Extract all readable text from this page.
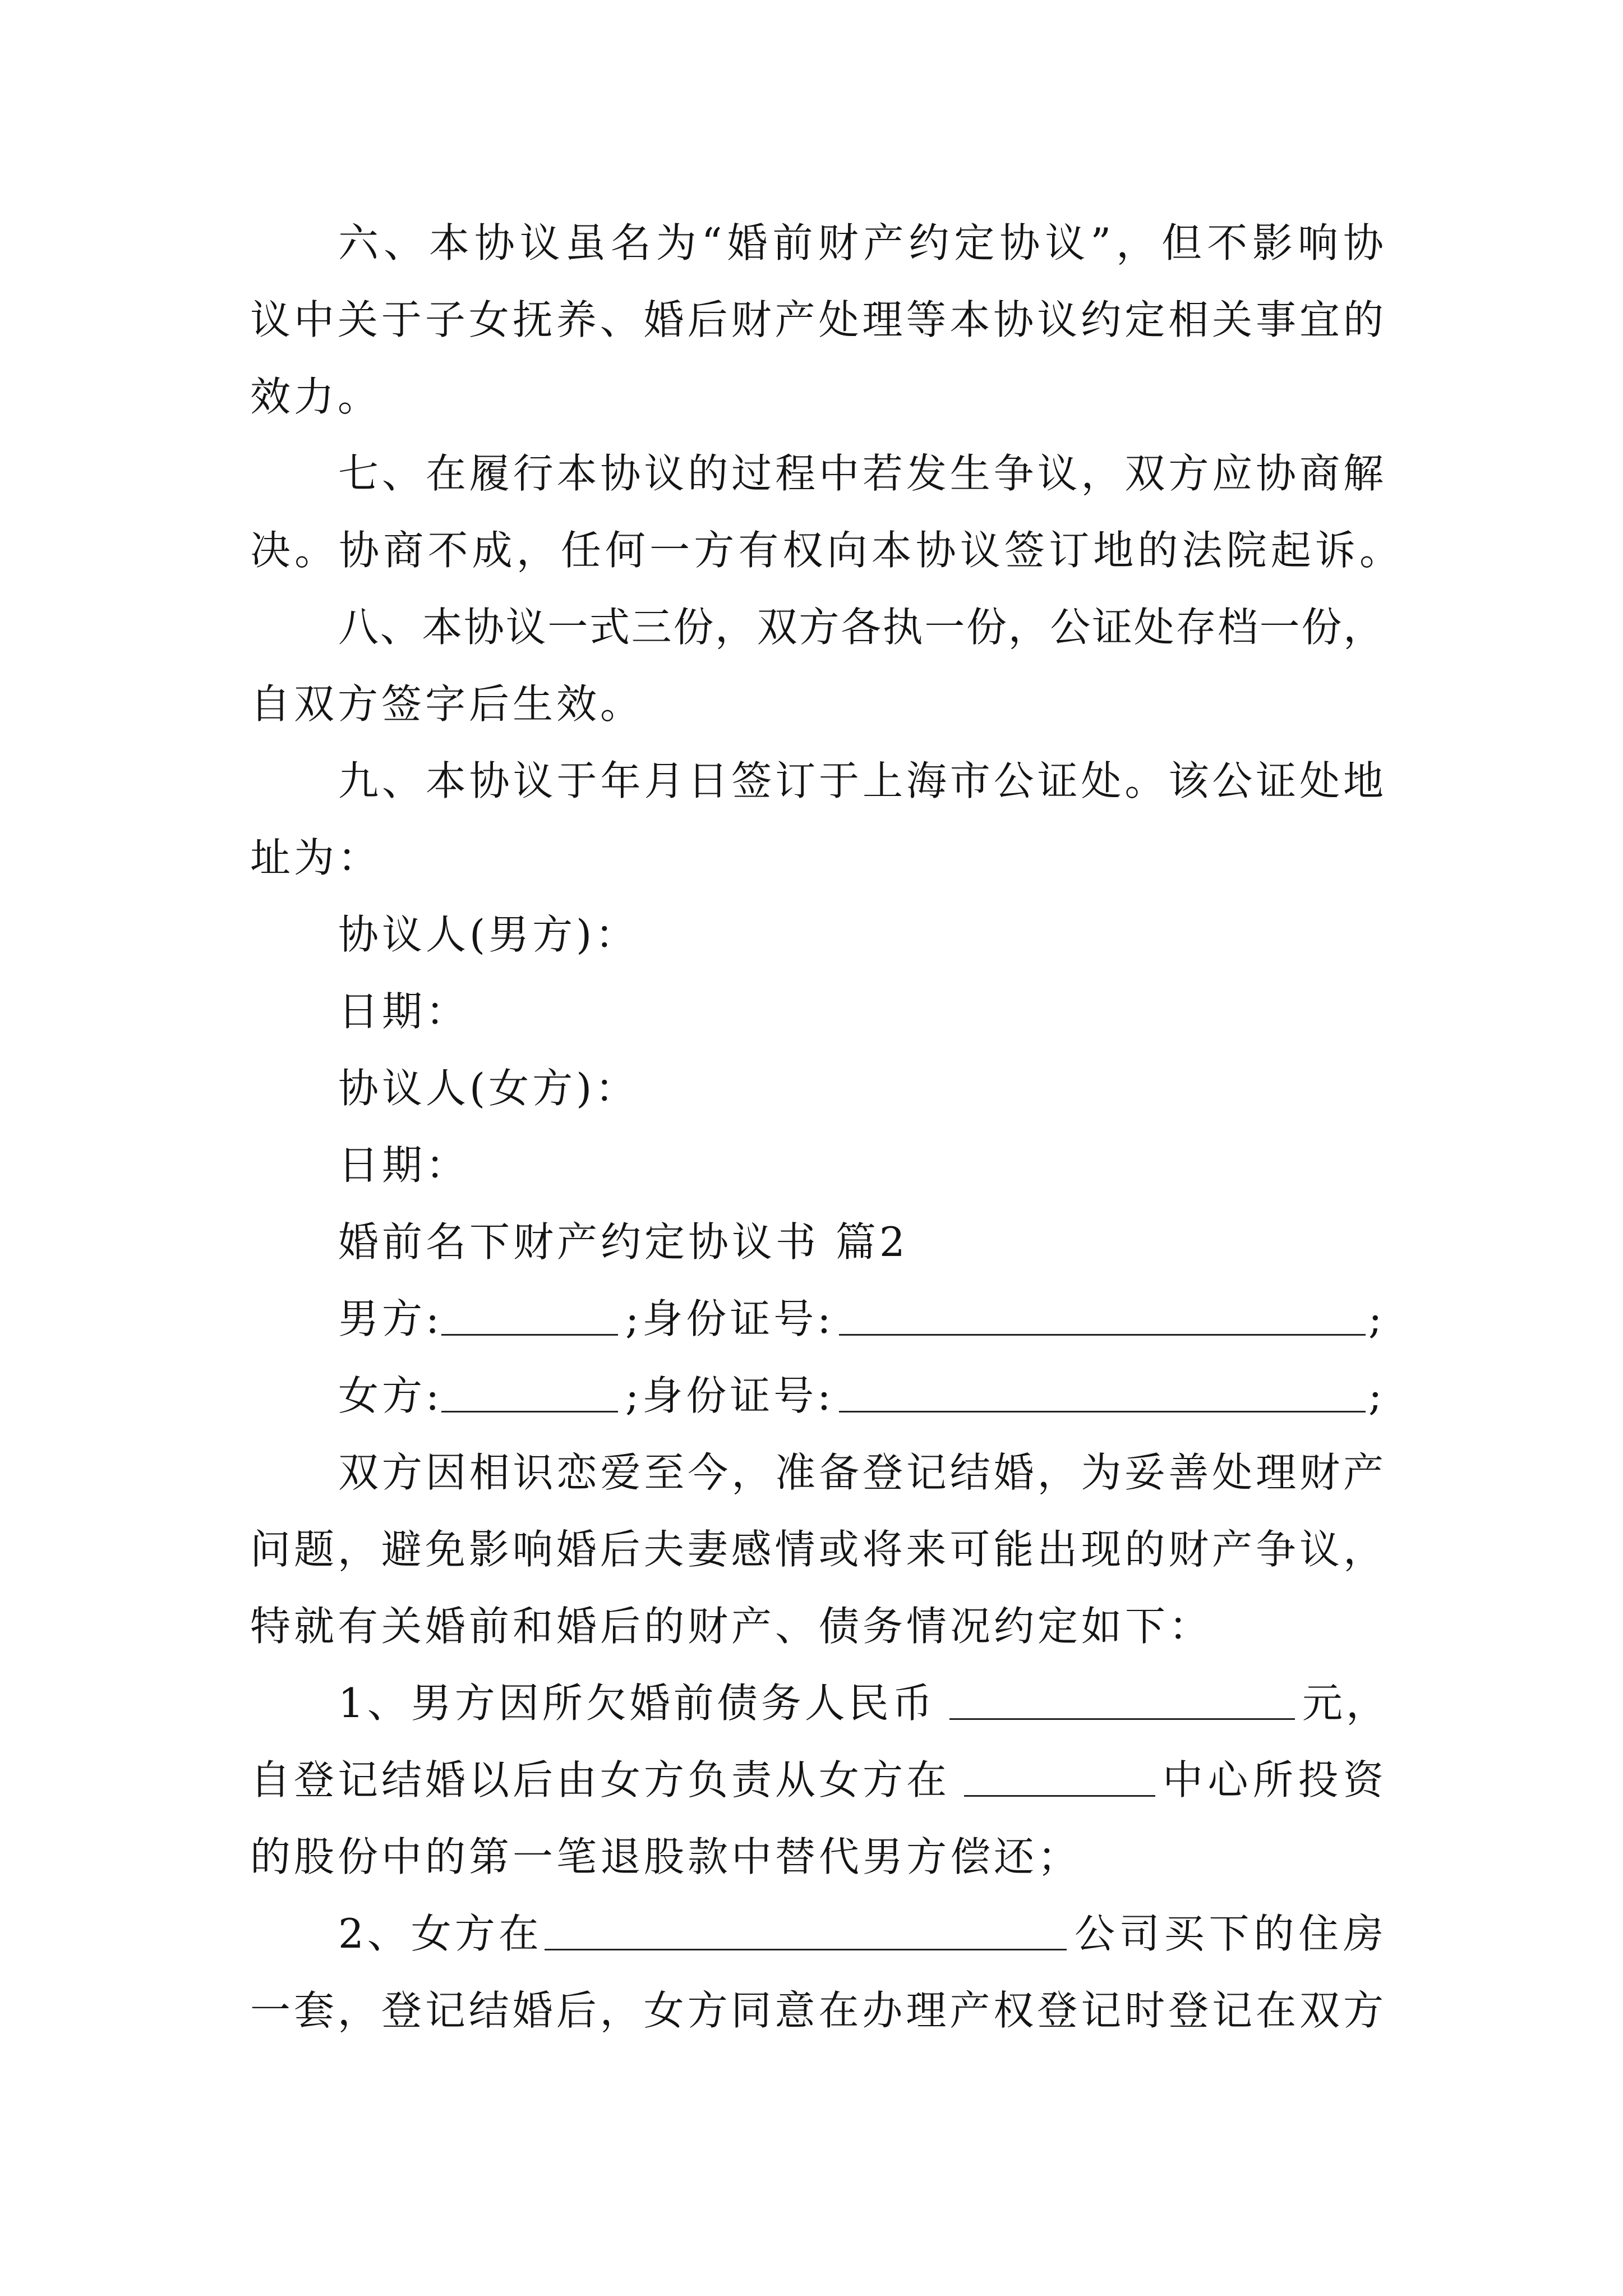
六、本协议虽名为“婚前财产约定协议”，但不影响协
议中关于子女抚养、婚后财产处理等本协议约定相关事宜的
效力。
七、在履行本协议的过程中若发生争议，双方应协商解
决。协商不成，任何一方有权向本协议签订地的法院起诉。
八、本协议一式三份，双方各执一份，公证处存档一份，
自双方签字后生效。
九、本协议于年月日签订于上海市公证处。该公证处地
址为：
协议人(男方)：
日期：
协议人(女方)：
日期：
婚前名下财产约定协议书 篇2
男方:	;身份证号:	;
女方:	;身份证号:	;
双方因相识恋爱至今，准备登记结婚，为妥善处理财产
问题，避免影响婚后夫妻感情或将来可能出现的财产争议，
特就有关婚前和婚后的财产、债务情况约定如下：
1、男方因所欠婚前债务人民币	元，
自登记结婚以后由女方负责从女方在	中心所投资
的股份中的第一笔退股款中替代男方偿还；
2、女方在	公司买下的住房
一套，登记结婚后，女方同意在办理产权登记时登记在双方
